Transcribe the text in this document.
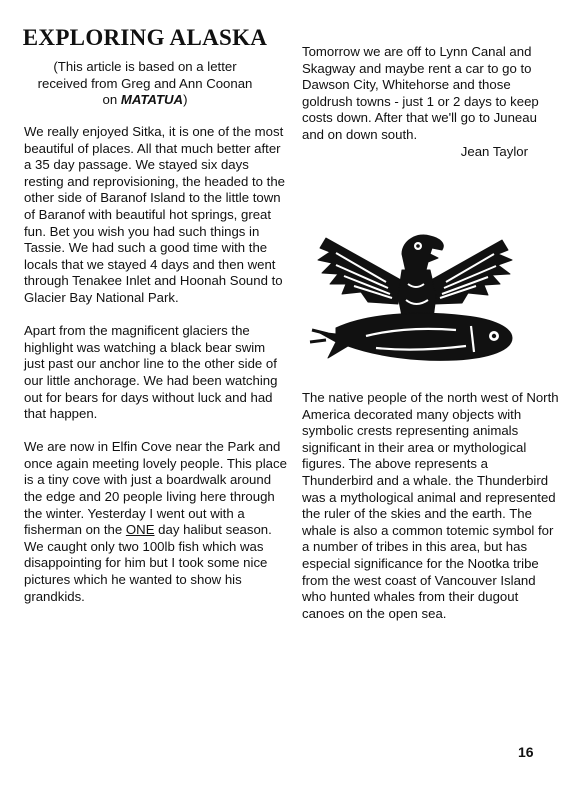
EXPLORING ALASKA
(This article is based on a letter
received from Greg and Ann Coonan
on MATATUA)

We really enjoyed Sitka, it is one of the most beautiful of places. All that much better after a 35 day passage. We stayed six days resting and reprovisioning, the headed to the other side of Baranof Island to the little town of Baranof with beautiful hot springs, great fun. Bet you wish you had such things in Tassie. We had such a good time with the locals that we stayed 4 days and then went through Tenakee Inlet and Hoonah Sound to Glacier Bay National Park.

Apart from the magnificent glaciers the highlight was watching a black bear swim just past our anchor line to the other side of our little anchorage. We had been watching out for bears for days without luck and had that happen.

We are now in Elfin Cove near the Park and once again meeting lovely people. This place is a tiny cove with just a boardwalk around the edge and 20 people living here through the winter. Yesterday I went out with a fisherman on the ONE day halibut season. We caught only two 100lb fish which was disappointing for him but I took some nice pictures which he wanted to show his grandkids.

Tomorrow we are off to Lynn Canal and Skagway and maybe rent a car to go to Dawson City, Whitehorse and those goldrush towns - just 1 or 2 days to keep costs down. After that we'll go to Juneau and on down south.

Jean Taylor

The native people of the north west of North America decorated many objects with symbolic crests representing animals significant in their area or mythological figures. The above represents a Thunderbird and a whale. the Thunderbird was a mythological animal and represented the ruler of the skies and the earth. The whale is also a common totemic symbol for a number of tribes in this area, but has especial significance for the Nootka tribe from the west coast of Vancouver Island who hunted whales from their dugout canoes on the open sea.

16
